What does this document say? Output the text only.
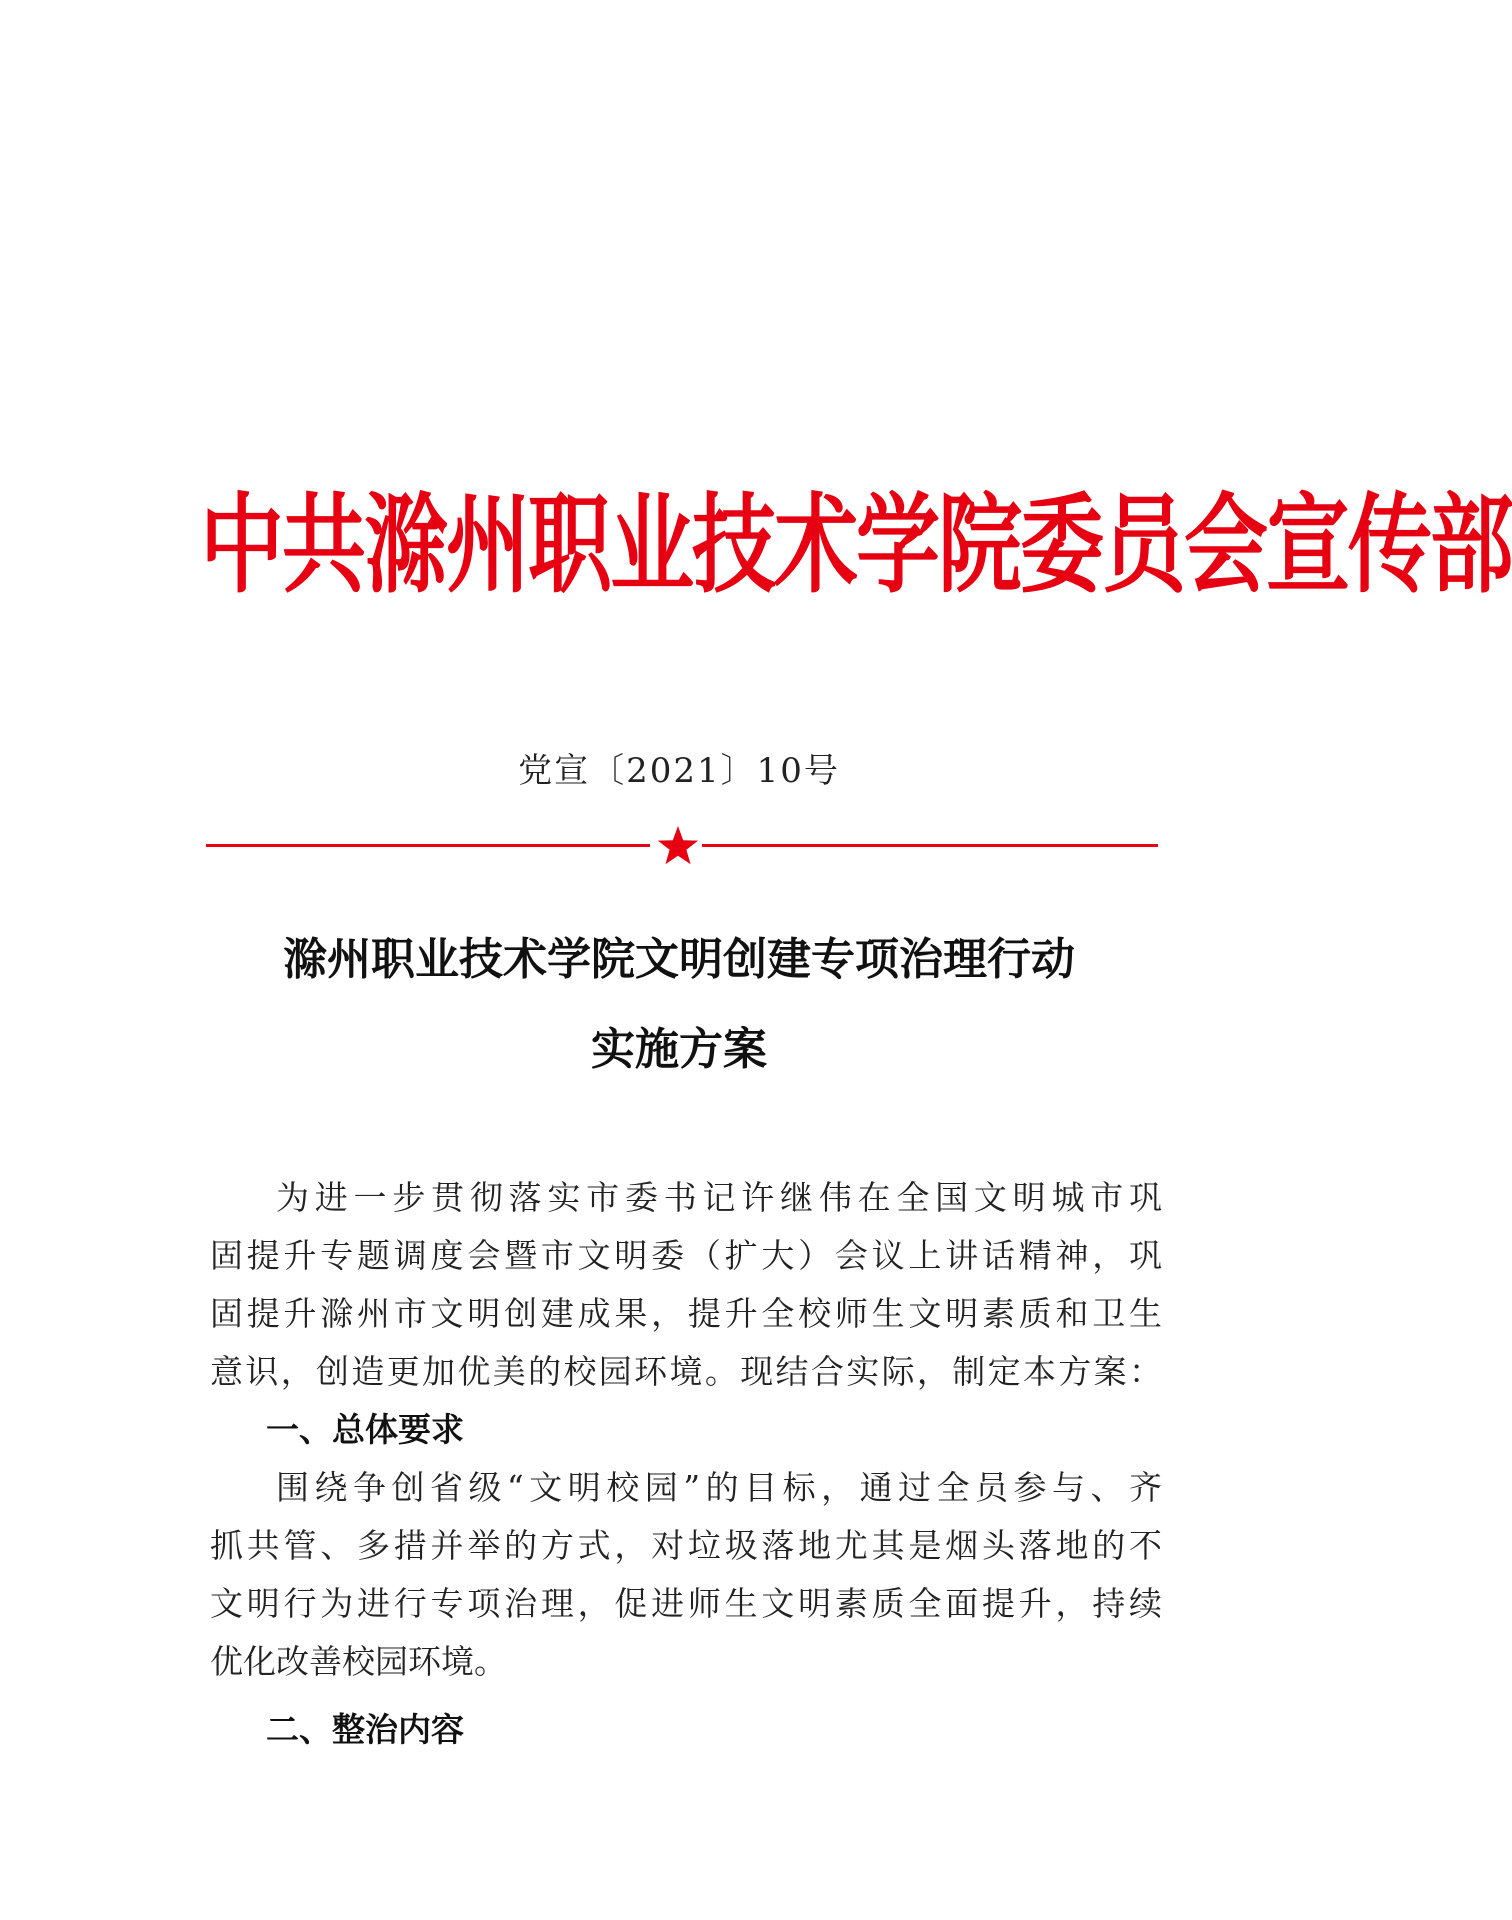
中共滁州职业技术学院委员会宣传部
党宣〔2021〕10号
滁州职业技术学院文明创建专项治理行动
实施方案
为进一步贯彻落实市委书记许继伟在全国文明城市巩
固提升专题调度会暨市文明委（扩大）会议上讲话精神，巩
固提升滁州市文明创建成果，提升全校师生文明素质和卫生
意识，创造更加优美的校园环境。现结合实际，制定本方案：
一、总体要求
围绕争创省级“文明校园”的目标，通过全员参与、齐
抓共管、多措并举的方式，对垃圾落地尤其是烟头落地的不
文明行为进行专项治理，促进师生文明素质全面提升，持续
优化改善校园环境。
二、整治内容
